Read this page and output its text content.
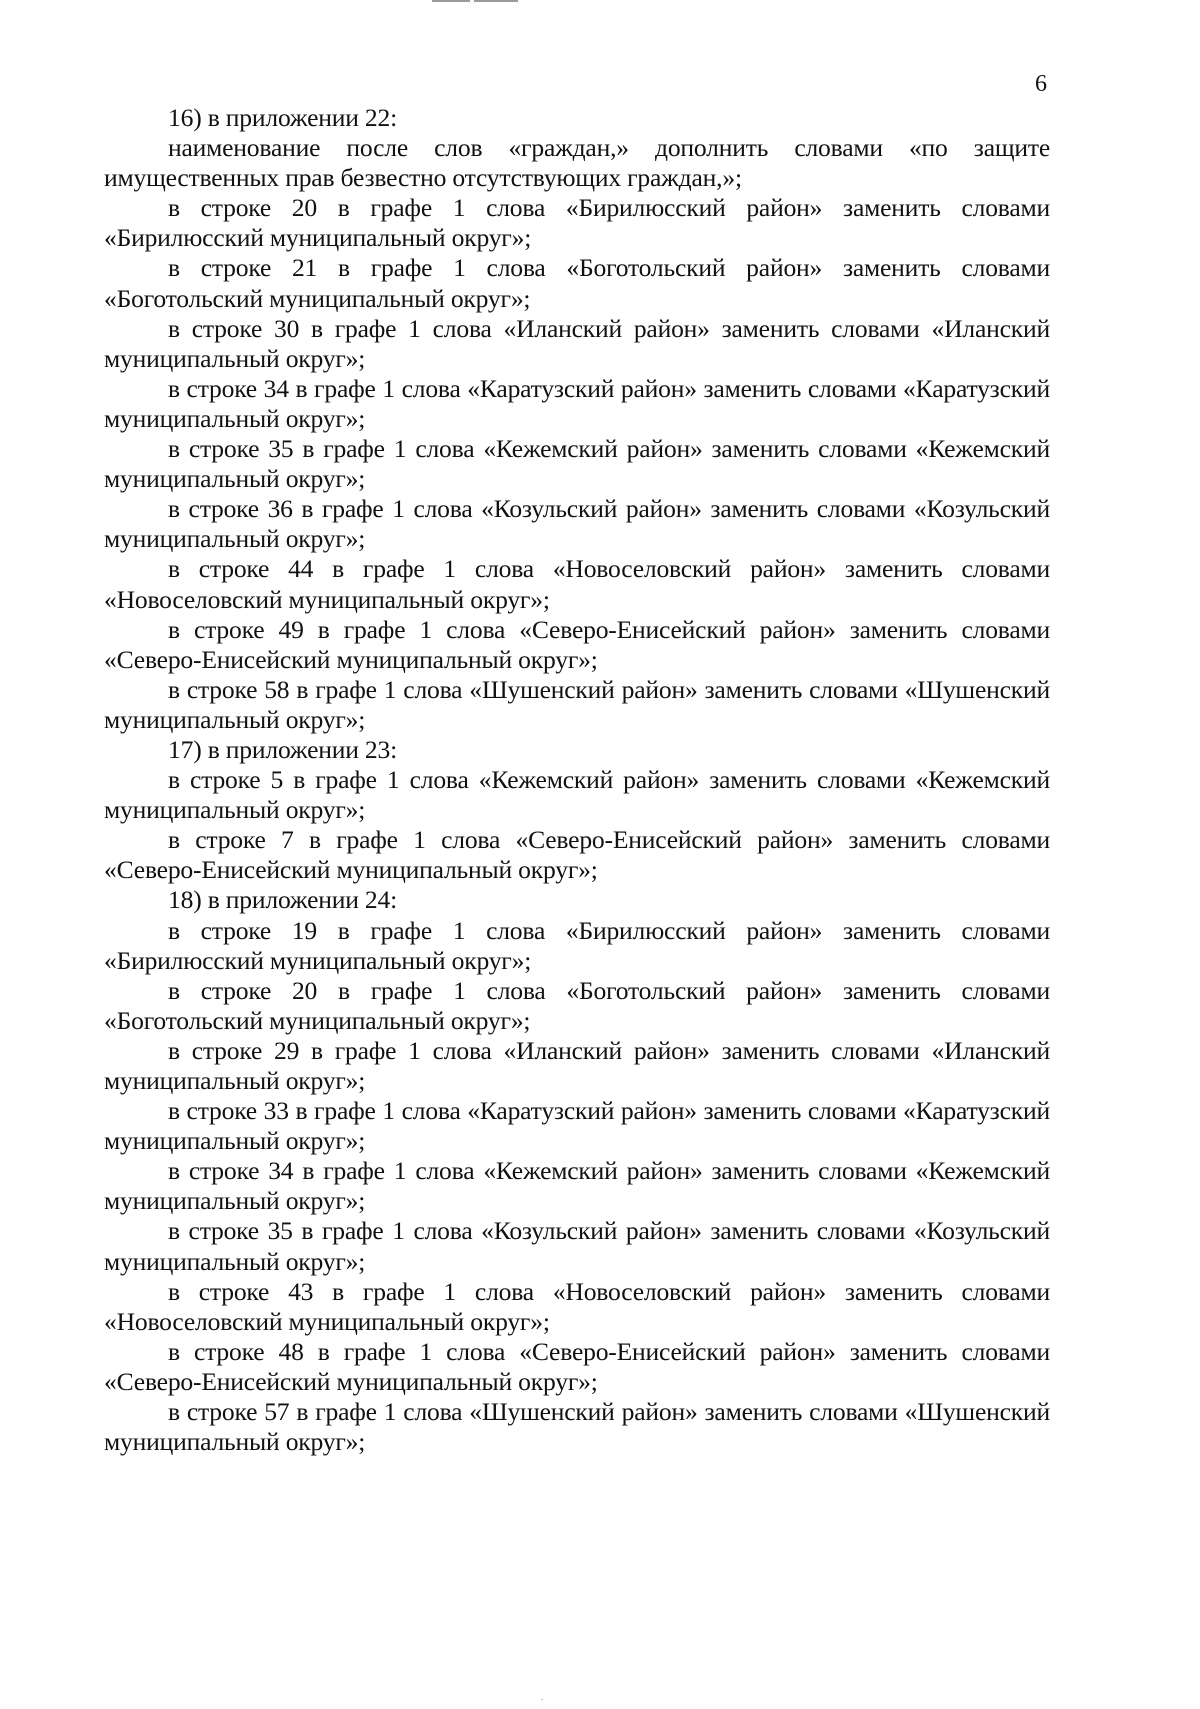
6

16) в приложении 22:

наименование после слов «граждан,» дополнить словами «по защите имущественных прав безвестно отсутствующих граждан,»;

в строке 20 в графе 1 слова «Бирилюсский район» заменить словами «Бирилюсский муниципальный округ»;

в строке 21 в графе 1 слова «Боготольский район» заменить словами «Боготольский муниципальный округ»;

в строке 30 в графе 1 слова «Иланский район» заменить словами «Иланский муниципальный округ»;

в строке 34 в графе 1 слова «Каратузский район» заменить словами «Каратузский муниципальный округ»;

в строке 35 в графе 1 слова «Кежемский район» заменить словами «Кежемский муниципальный округ»;

в строке 36 в графе 1 слова «Козульский район» заменить словами «Козульский муниципальный округ»;

в строке 44 в графе 1 слова «Новоселовский район» заменить словами «Новоселовский муниципальный округ»;

в строке 49 в графе 1 слова «Северо-Енисейский район» заменить словами «Северо-Енисейский муниципальный округ»;

в строке 58 в графе 1 слова «Шушенский район» заменить словами «Шушенский муниципальный округ»;

17) в приложении 23:

в строке 5 в графе 1 слова «Кежемский район» заменить словами «Кежемский муниципальный округ»;

в строке 7 в графе 1 слова «Северо-Енисейский район» заменить словами «Северо-Енисейский муниципальный округ»;

18) в приложении 24:

в строке 19 в графе 1 слова «Бирилюсский район» заменить словами «Бирилюсский муниципальный округ»;

в строке 20 в графе 1 слова «Боготольский район» заменить словами «Боготольский муниципальный округ»;

в строке 29 в графе 1 слова «Иланский район» заменить словами «Иланский муниципальный округ»;

в строке 33 в графе 1 слова «Каратузский район» заменить словами «Каратузский муниципальный округ»;

в строке 34 в графе 1 слова «Кежемский район» заменить словами «Кежемский муниципальный округ»;

в строке 35 в графе 1 слова «Козульский район» заменить словами «Козульский муниципальный округ»;

в строке 43 в графе 1 слова «Новоселовский район» заменить словами «Новоселовский муниципальный округ»;

в строке 48 в графе 1 слова «Северо-Енисейский район» заменить словами «Северо-Енисейский муниципальный округ»;

в строке 57 в графе 1 слова «Шушенский район» заменить словами «Шушенский муниципальный округ»;
